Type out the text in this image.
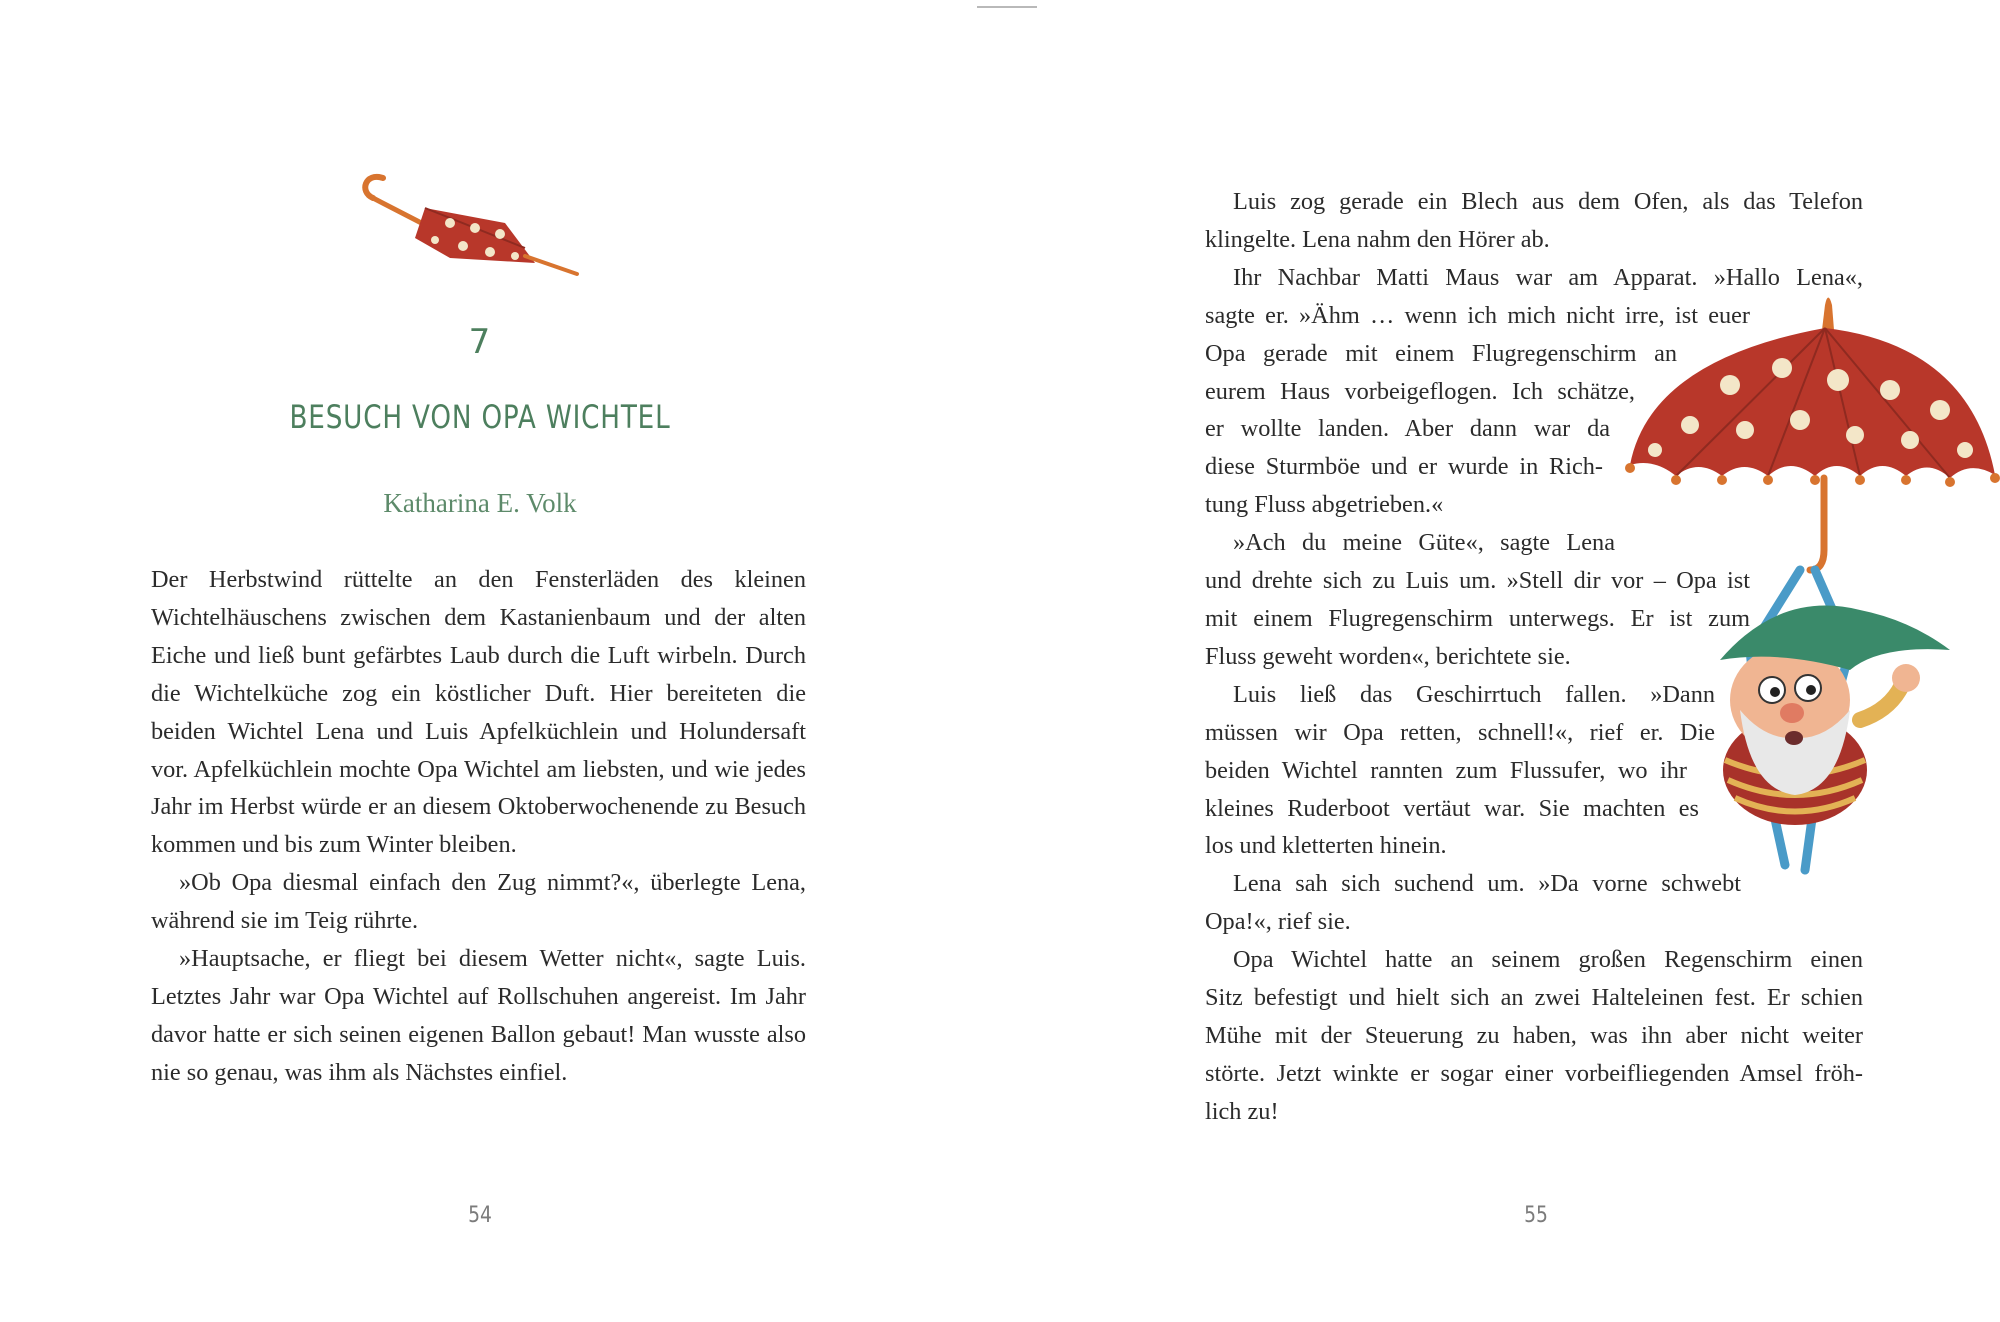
7
BESUCH VON OPA WICHTEL
Katharina E. Volk

Der Herbstwind rüttelte an den Fensterläden des kleinen Wichtelhäuschens zwischen dem Kastanienbaum und der alten Eiche und ließ bunt gefärbtes Laub durch die Luft wirbeln. Durch die Wichtelküche zog ein köstlicher Duft. Hier bereiteten die beiden Wichtel Lena und Luis Apfelküchlein und Holundersaft vor. Apfelküchlein mochte Opa Wichtel am liebsten, und wie jedes Jahr im Herbst würde er an diesem Oktoberwochenende zu Besuch kommen und bis zum Winter bleiben.

»Ob Opa diesmal einfach den Zug nimmt?«, überlegte Lena, während sie im Teig rührte.

»Hauptsache, er fliegt bei diesem Wetter nicht«, sagte Luis. Letztes Jahr war Opa Wichtel auf Rollschuhen angereist. Im Jahr davor hatte er sich seinen eigenen Ballon gebaut! Man wusste also nie so genau, was ihm als Nächstes einfiel.

54
Luis zog gerade ein Blech aus dem Ofen, als das Telefon
klingelte. Lena nahm den Hörer ab.
Ihr Nachbar Matti Maus war am Apparat. »Hallo Lena«,
sagte er. »Ähm … wenn ich mich nicht irre, ist euer
Opa gerade mit einem Flugregenschirm an
eurem Haus vorbeigeflogen. Ich schätze,
er wollte landen. Aber dann war da
diese Sturmböe und er wurde in Rich-
tung Fluss abgetrieben.«
»Ach du meine Güte«, sagte Lena
und drehte sich zu Luis um. »Stell dir vor – Opa ist
mit einem Flugregenschirm unterwegs. Er ist zum
Fluss geweht worden«, berichtete sie.
Luis ließ das Geschirrtuch fallen. »Dann
müssen wir Opa retten, schnell!«, rief er. Die
beiden Wichtel rannten zum Flussufer, wo ihr
kleines Ruderboot vertäut war. Sie machten es
los und kletterten hinein.
Lena sah sich suchend um. »Da vorne schwebt
Opa!«, rief sie.
Opa Wichtel hatte an seinem großen Regenschirm einen
Sitz befestigt und hielt sich an zwei Halteleinen fest. Er schien
Mühe mit der Steuerung zu haben, was ihn aber nicht weiter
störte. Jetzt winkte er sogar einer vorbeifliegenden Amsel fröh-
lich zu!
55
